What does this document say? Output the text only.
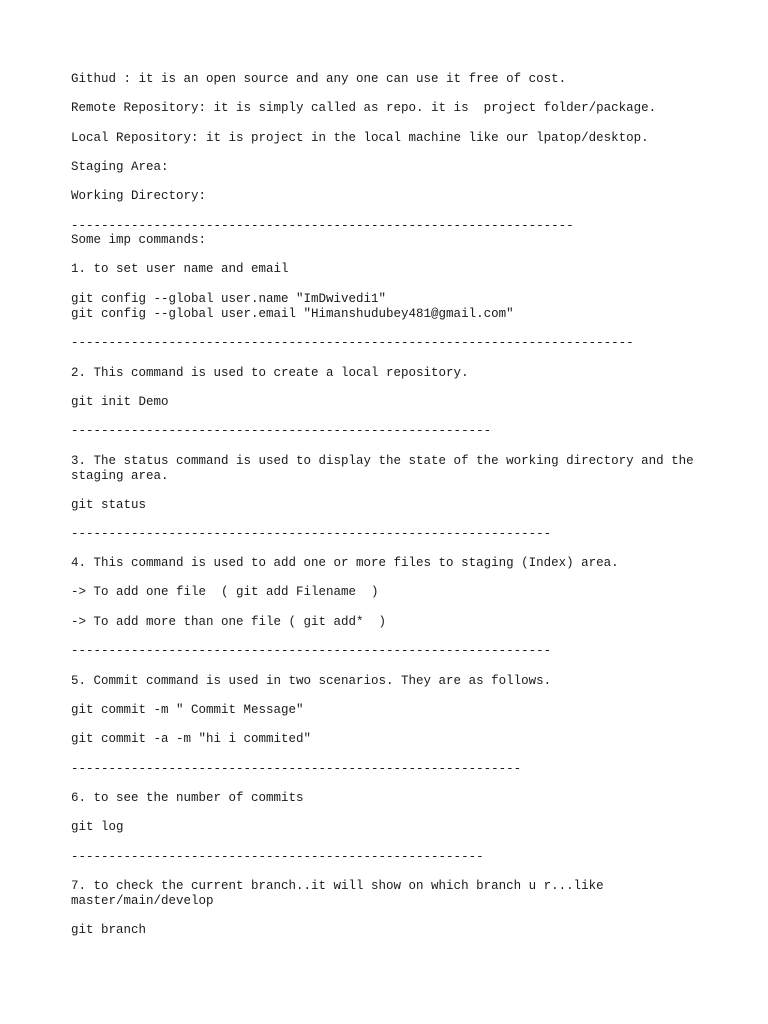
Githud : it is an open source and any one can use it free of cost.

Remote Repository: it is simply called as repo. it is  project folder/package.

Local Repository: it is project in the local machine like our lpatop/desktop.

Staging Area:

Working Directory:

-------------------------------------------------------------------

Some imp commands:

1. to set user name and email

git config --global user.name "ImDwivedi1"

git config --global user.email "Himanshudubey481@gmail.com"

---------------------------------------------------------------------------

2. This command is used to create a local repository.

git init Demo

--------------------------------------------------------

3. The status command is used to display the state of the working directory and the

staging area.

git status

----------------------------------------------------------------

4. This command is used to add one or more files to staging (Index) area.

-> To add one file  ( git add Filename  )

-> To add more than one file ( git add*  )

----------------------------------------------------------------

5. Commit command is used in two scenarios. They are as follows.

git commit -m " Commit Message"

git commit -a -m "hi i commited"

------------------------------------------------------------

6. to see the number of commits

git log

-------------------------------------------------------

7. to check the current branch..it will show on which branch u r...like

master/main/develop

git branch
